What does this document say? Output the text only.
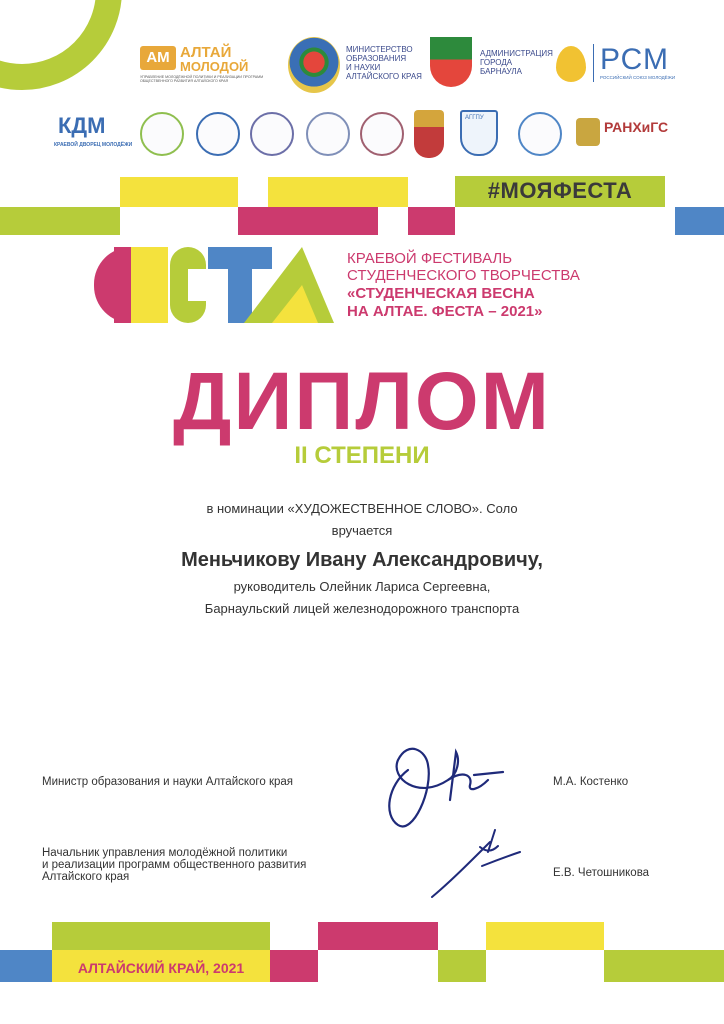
АМ АЛТАЙ
МОЛОДОЙ
УПРАВЛЕНИЕ МОЛОДЁЖНОЙ ПОЛИТИКИ И РЕАЛИЗАЦИИ ПРОГРАММ ОБЩЕСТВЕННОГО РАЗВИТИЯ АЛТАЙСКОГО КРАЯ
МИНИСТЕРСТВО
ОБРАЗОВАНИЯ
И НАУКИ
АЛТАЙСКОГО КРАЯ
АДМИНИСТРАЦИЯ
ГОРОДА
БАРНАУЛА	РСМ
РОССИЙСКИЙ СОЮЗ МОЛОДЁЖИ
КДМ
КРАЕВОЙ ДВОРЕЦ МОЛОДЁЖИ
АГГПУ
РАНХиГС
#МОЯФЕСТА
КРАЕВОЙ ФЕСТИВАЛЬ
СТУДЕНЧЕСКОГО ТВОРЧЕСТВА
«СТУДЕНЧЕСКАЯ ВЕСНА
НА АЛТАЕ. ФЕСТА – 2021»
ДИПЛОМ
II СТЕПЕНИ
в номинации «ХУДОЖЕСТВЕННОЕ СЛОВО». Соло
вручается
Меньчикову Ивану Александровичу,
руководитель Олейник Лариса Сергеевна,
Барнаульский лицей железнодорожного транспорта
Министр образования и науки Алтайского края	М.А. Костенко
Начальник управления молодёжной политики
и реализации программ общественного развития
Алтайского края	Е.В. Четошникова
АЛТАЙСКИЙ КРАЙ, 2021
